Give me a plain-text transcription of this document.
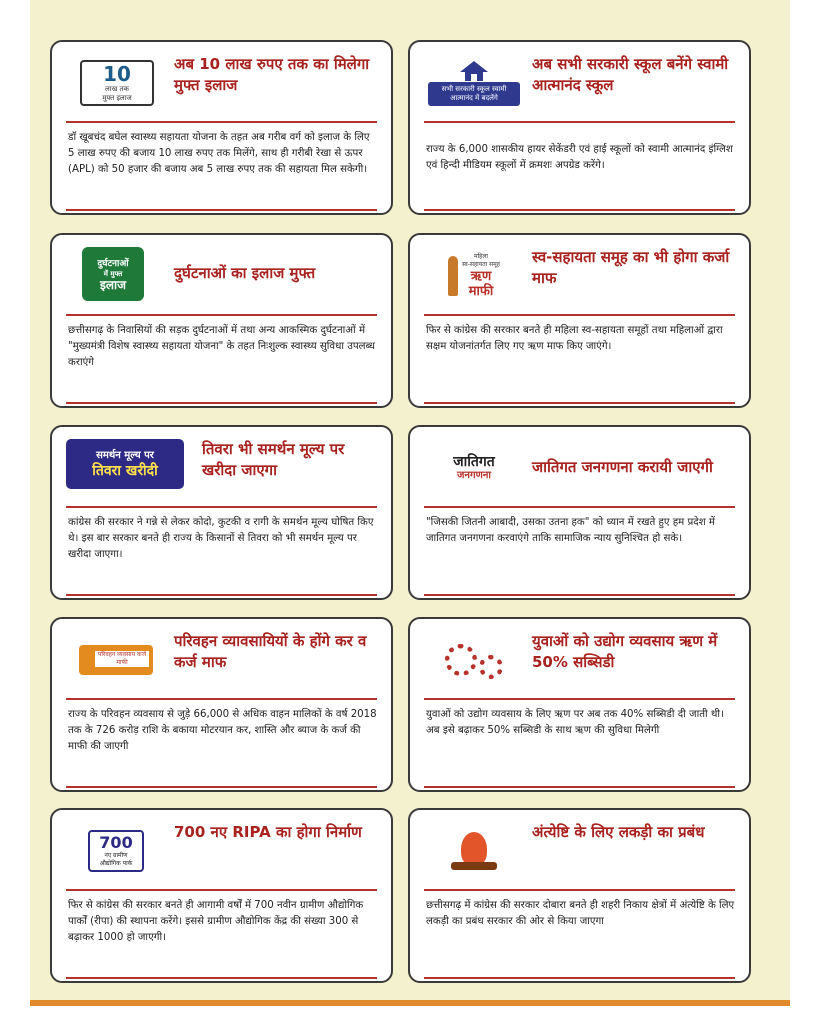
10
लाख तक
मुफ्त इलाज
अब 10 लाख रुपए तक का मिलेगा मुफ्त इलाज
डॉ खूबचंद बघेल स्वास्थ्य सहायता योजना के तहत अब गरीब वर्ग को इलाज के लिए 5 लाख रुपए की बजाय 10 लाख रुपए तक मिलेंगे, साथ ही गरीबी रेखा से ऊपर (APL) को 50 हजार की बजाय अब 5 लाख रुपए तक की सहायता मिल सकेगी।
सभी सरकारी स्कूल स्वामी आत्मानंद में बदलेंगे
अब सभी सरकारी स्कूल बनेंगे स्वामी आत्मानंद स्कूल
राज्य के 6,000 शासकीय हायर सेकेंडरी एवं हाई स्कूलों को स्वामी आत्मानंद इंग्लिश एवं हिन्दी मीडियम स्कूलों में क्रमशः अपग्रेड करेंगे।
दुर्घटनाओं
में मुफ्त
इलाज
दुर्घटनाओं का इलाज मुफ्त
छत्तीसगढ़ के निवासियों की सड़क दुर्घटनाओं में तथा अन्य आकस्मिक दुर्घटनाओं में "मुख्यमंत्री विशेष स्वास्थ्य सहायता योजना" के तहत निःशुल्क स्वास्थ्य सुविधा उपलब्ध कराएंगे
महिला
स्व-सहायता समूह
ऋण
माफी
स्व-सहायता समूह का भी होगा कर्जा माफ
फिर से कांग्रेस की सरकार बनते ही महिला स्व-सहायता समूहों तथा महिलाओं द्वारा सक्षम योजनांतर्गत लिए गए ऋण माफ किए जाएंगे।
समर्थन मूल्य पर
तिवरा खरीदी
तिवरा भी समर्थन मूल्य पर खरीदा जाएगा
कांग्रेस की सरकार ने गन्ने से लेकर कोदो, कुटकी व रागी के समर्थन मूल्य घोषित किए थे। इस बार सरकार बनते ही राज्य के किसानों से तिवरा को भी समर्थन मूल्य पर खरीदा जाएगा।
जातिगत
जनगणना	जातिगत जनगणना करायी जाएगी
"जिसकी जितनी आबादी, उसका उतना हक" को ध्यान में रखते हुए हम प्रदेश में जातिगत जनगणना करवाएंगे ताकि सामाजिक न्याय सुनिश्चित हो सके।
परिवहन व्यवसाय कर्ज माफी
परिवहन व्यावसायियों के होंगे कर व कर्ज माफ
राज्य के परिवहन व्यवसाय से जुड़े 66,000 से अधिक वाहन मालिकों के वर्ष 2018 तक के 726 करोड़ राशि के बकाया मोटरयान कर, शास्ति और ब्याज के कर्ज की माफी की जाएगी
युवाओं को उद्योग व्यवसाय ऋण में 50% सब्सिडी
युवाओं को उद्योग व्यवसाय के लिए ऋण पर अब तक 40% सब्सिडी दी जाती थी। अब इसे बढ़ाकर 50% सब्सिडी के साथ ऋण की सुविधा मिलेगी
700
नए ग्रामीण
औद्योगिक पार्क
700 नए RIPA का होगा निर्माण
फिर से कांग्रेस की सरकार बनते ही आगामी वर्षों में 700 नवीन ग्रामीण औद्योगिक पार्कों (रीपा) की स्थापना करेंगे। इससे ग्रामीण औद्योगिक केंद्र की संख्या 300 से बढ़ाकर 1000 हो जाएगी।
अंत्येष्टि के लिए लकड़ी का प्रबंध
छत्तीसगढ़ में कांग्रेस की सरकार दोबारा बनते ही शहरी निकाय क्षेत्रों में अंत्येष्टि के लिए लकड़ी का प्रबंध सरकार की ओर से किया जाएगा
